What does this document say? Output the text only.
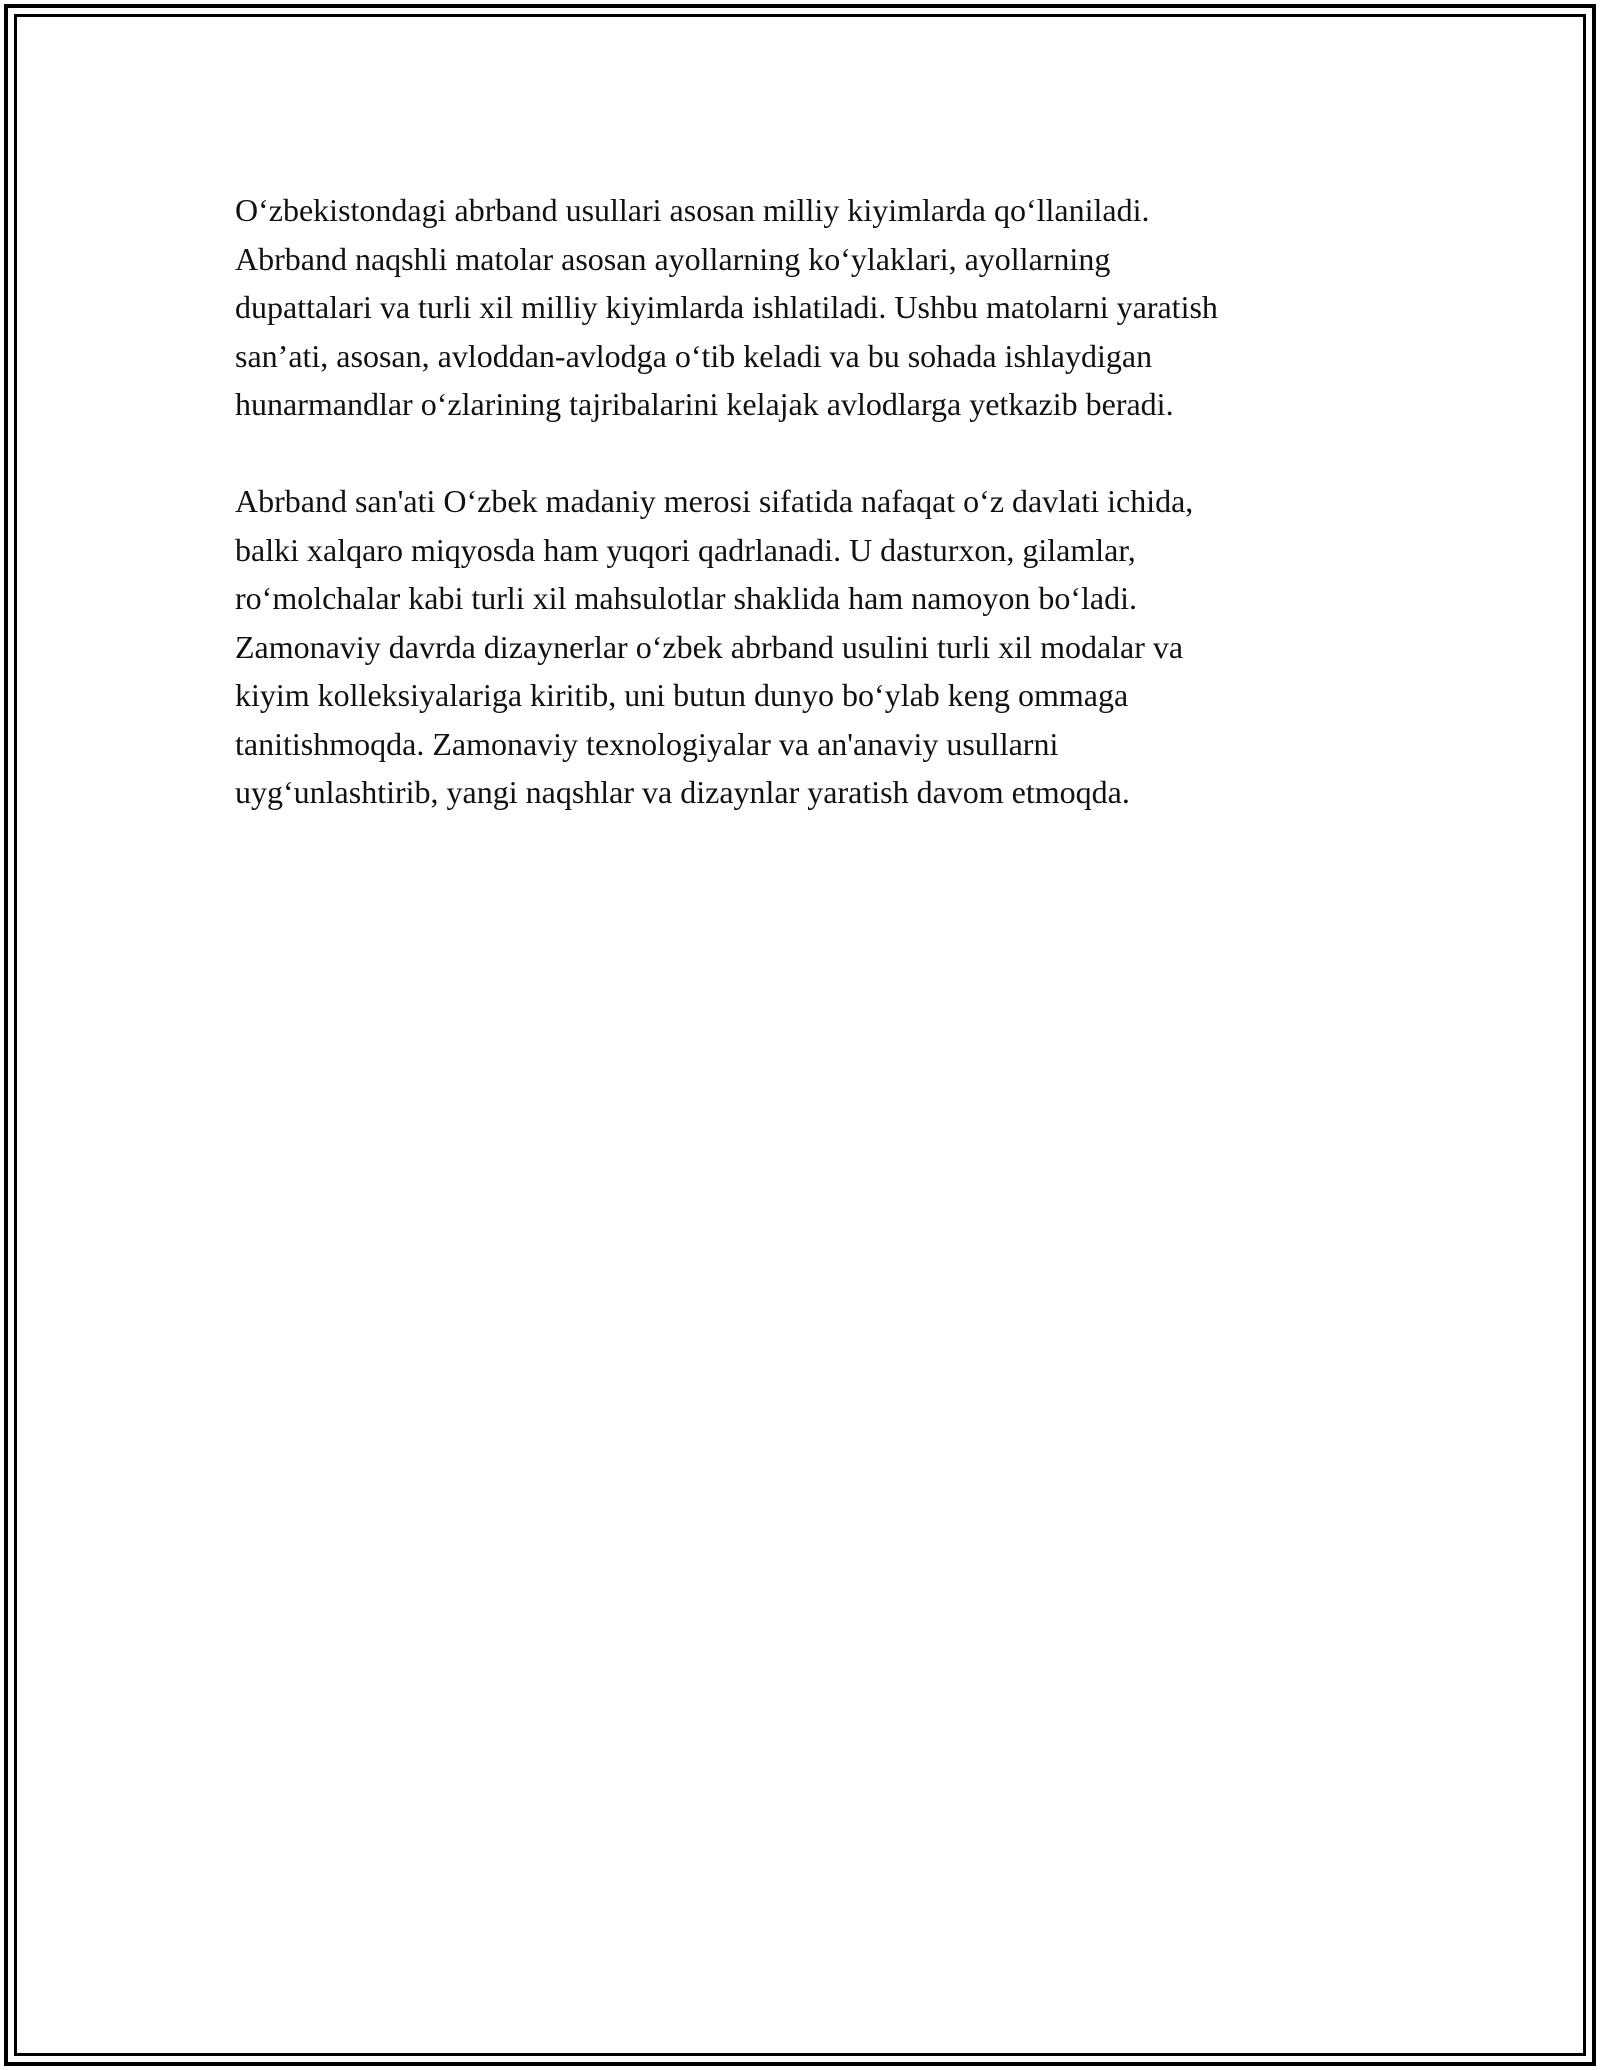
O‘zbekistondagi abrband usullari asosan milliy kiyimlarda qo‘llaniladi.
Abrband naqshli matolar asosan ayollarning ko‘ylaklari, ayollarning
dupattalari va turli xil milliy kiyimlarda ishlatiladi. Ushbu matolarni yaratish
san’ati, asosan, avloddan-avlodga o‘tib keladi va bu sohada ishlaydigan
hunarmandlar o‘zlarining tajribalarini kelajak avlodlarga yetkazib beradi.

Abrband san'ati O‘zbek madaniy merosi sifatida nafaqat o‘z davlati ichida,
balki xalqaro miqyosda ham yuqori qadrlanadi. U dasturxon, gilamlar,
ro‘molchalar kabi turli xil mahsulotlar shaklida ham namoyon bo‘ladi.
Zamonaviy davrda dizaynerlar o‘zbek abrband usulini turli xil modalar va
kiyim kolleksiyalariga kiritib, uni butun dunyo bo‘ylab keng ommaga
tanitishmoqda. Zamonaviy texnologiyalar va an'anaviy usullarni
uyg‘unlashtirib, yangi naqshlar va dizaynlar yaratish davom etmoqda.
